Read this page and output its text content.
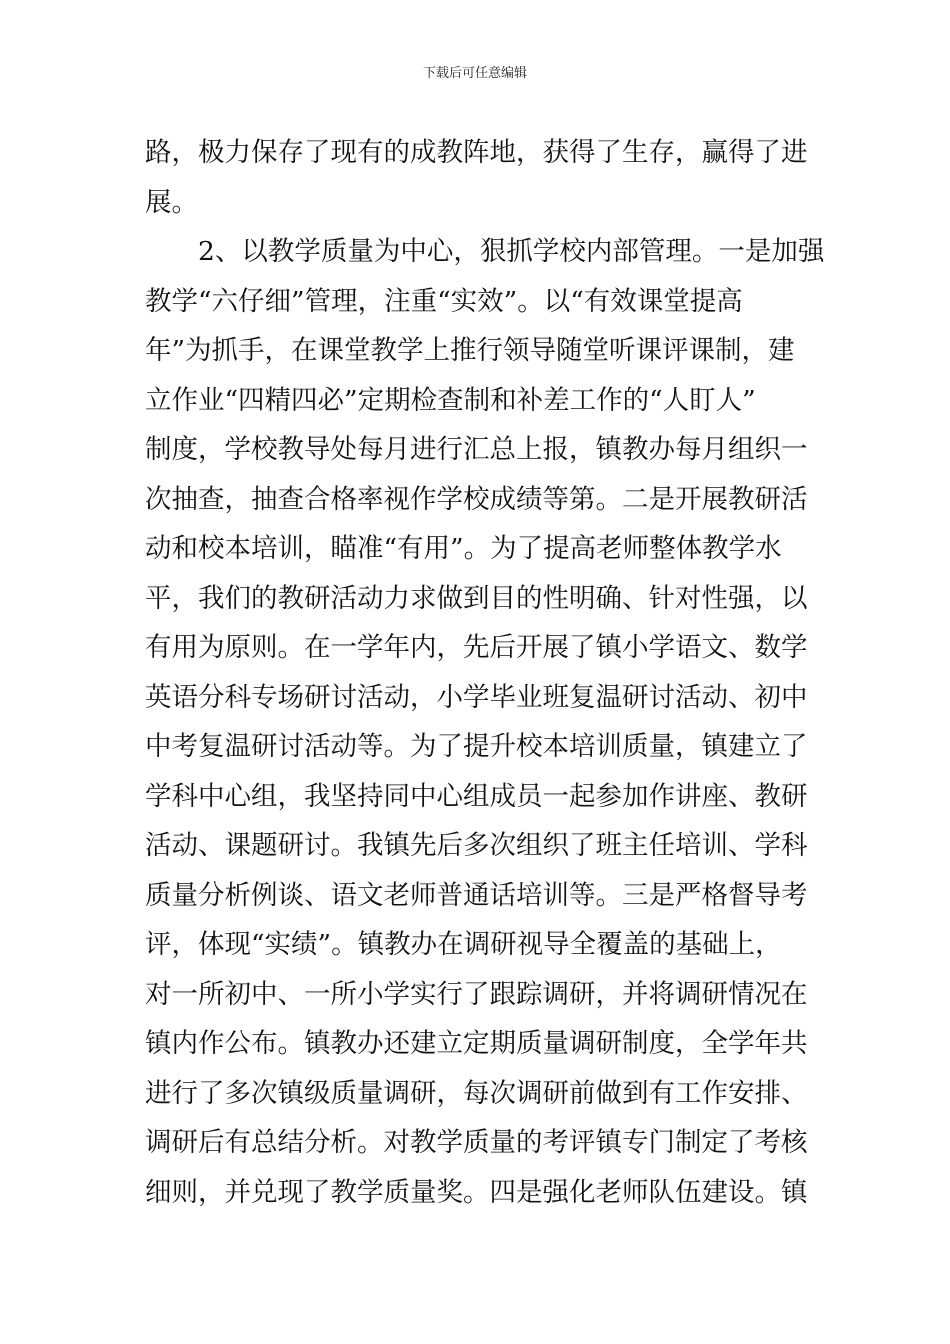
下载后可任意编辑
路，极力保存了现有的成教阵地，获得了生存，赢得了进
展。
2、以教学质量为中心，狠抓学校内部管理。一是加强
教学“六仔细”管理，注重“实效”。以“有效课堂提高
年”为抓手，在课堂教学上推行领导随堂听课评课制，建
立作业“四精四必”定期检查制和补差工作的“人盯人”
制度，学校教导处每月进行汇总上报，镇教办每月组织一
次抽查，抽查合格率视作学校成绩等第。二是开展教研活
动和校本培训，瞄准“有用”。为了提高老师整体教学水
平，我们的教研活动力求做到目的性明确、针对性强，以
有用为原则。在一学年内，先后开展了镇小学语文、数学
英语分科专场研讨活动，小学毕业班复温研讨活动、初中
中考复温研讨活动等。为了提升校本培训质量，镇建立了
学科中心组，我坚持同中心组成员一起参加作讲座、教研
活动、课题研讨。我镇先后多次组织了班主任培训、学科
质量分析例谈、语文老师普通话培训等。三是严格督导考
评，体现“实绩”。镇教办在调研视导全覆盖的基础上，
对一所初中、一所小学实行了跟踪调研，并将调研情况在
镇内作公布。镇教办还建立定期质量调研制度，全学年共
进行了多次镇级质量调研，每次调研前做到有工作安排、
调研后有总结分析。对教学质量的考评镇专门制定了考核
细则，并兑现了教学质量奖。四是强化老师队伍建设。镇
